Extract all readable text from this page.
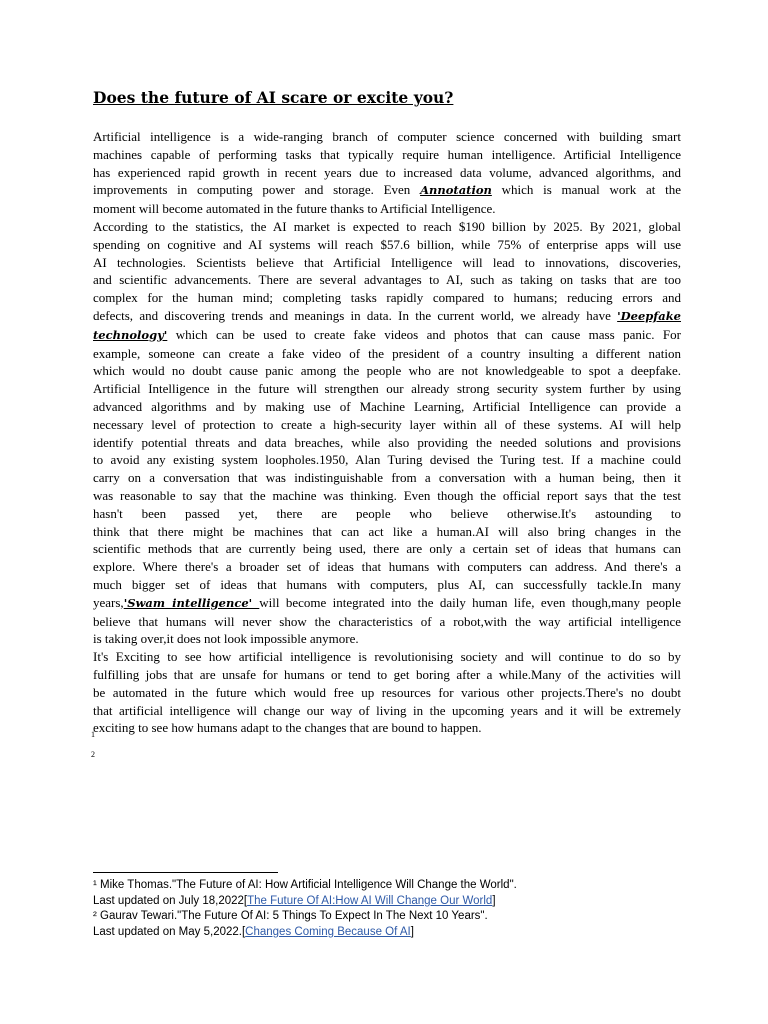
Does the future of AI scare or excite you?
Artificial intelligence is a wide-ranging branch of computer science concerned with building smart
machines capable of performing tasks that typically require human intelligence. Artificial Intelligence
has experienced rapid growth in recent years due to increased data volume, advanced algorithms, and
improvements in computing power and storage. Even Annotation which is manual work at the
moment will become automated in the future thanks to Artificial Intelligence.
According to the statistics, the AI market is expected to reach $190 billion by 2025. By 2021, global
spending on cognitive and AI systems will reach $57.6 billion, while 75% of enterprise apps will use
AI technologies. Scientists believe that Artificial Intelligence will lead to innovations, discoveries,
and scientific advancements. There are several advantages to AI, such as taking on tasks that are too
complex for the human mind; completing tasks rapidly compared to humans; reducing errors and
defects, and discovering trends and meanings in data. In the current world, we already have 'Deepfake
technology' which can be used to create fake videos and photos that can cause mass panic. For
example, someone can create a fake video of the president of a country insulting a different nation
which would no doubt cause panic among the people who are not knowledgeable to spot a deepfake.
Artificial Intelligence in the future will strengthen our already strong security system further by using
advanced algorithms and by making use of Machine Learning, Artificial Intelligence can provide a
necessary level of protection to create a high-security layer within all of these systems. AI will help
identify potential threats and data breaches, while also providing the needed solutions and provisions
to avoid any existing system loopholes.1950, Alan Turing devised the Turing test. If a machine could
carry on a conversation that was indistinguishable from a conversation with a human being, then it
was reasonable to say that the machine was thinking. Even though the official report says that the test
hasn't been passed yet, there are people who believe otherwise.It's astounding to
think that there might be machines that can act like a human.AI will also bring changes in the
scientific methods that are currently being used, there are only a certain set of ideas that humans can
explore. Where there's a broader set of ideas that humans with computers can address. And there's a
much bigger set of ideas that humans with computers, plus AI, can successfully tackle.In many
years,'Swam intelligence' will become integrated into the daily human life, even though,many people
believe that humans will never show the characteristics of a robot,with the way artificial intelligence
is taking over,it does not look impossible anymore.
It's Exciting to see how artificial intelligence is revolutionising society and will continue to do so by
fulfilling jobs that are unsafe for humans or tend to get boring after a while.Many of the activities will
be automated in the future which would free up resources for various other projects.There's no doubt
that artificial intelligence will change our way of living in the upcoming years and it will be extremely
exciting to see how humans adapt to the changes that are bound to happen.
1
2
¹ Mike Thomas."The Future of AI: How Artificial Intelligence Will Change the World".
Last updated on July 18,2022[The Future Of AI:How AI Will Change Our World]
² Gaurav Tewari."The Future Of AI: 5 Things To Expect In The Next 10 Years".
Last updated on May 5,2022.[Changes Coming Because Of AI]
